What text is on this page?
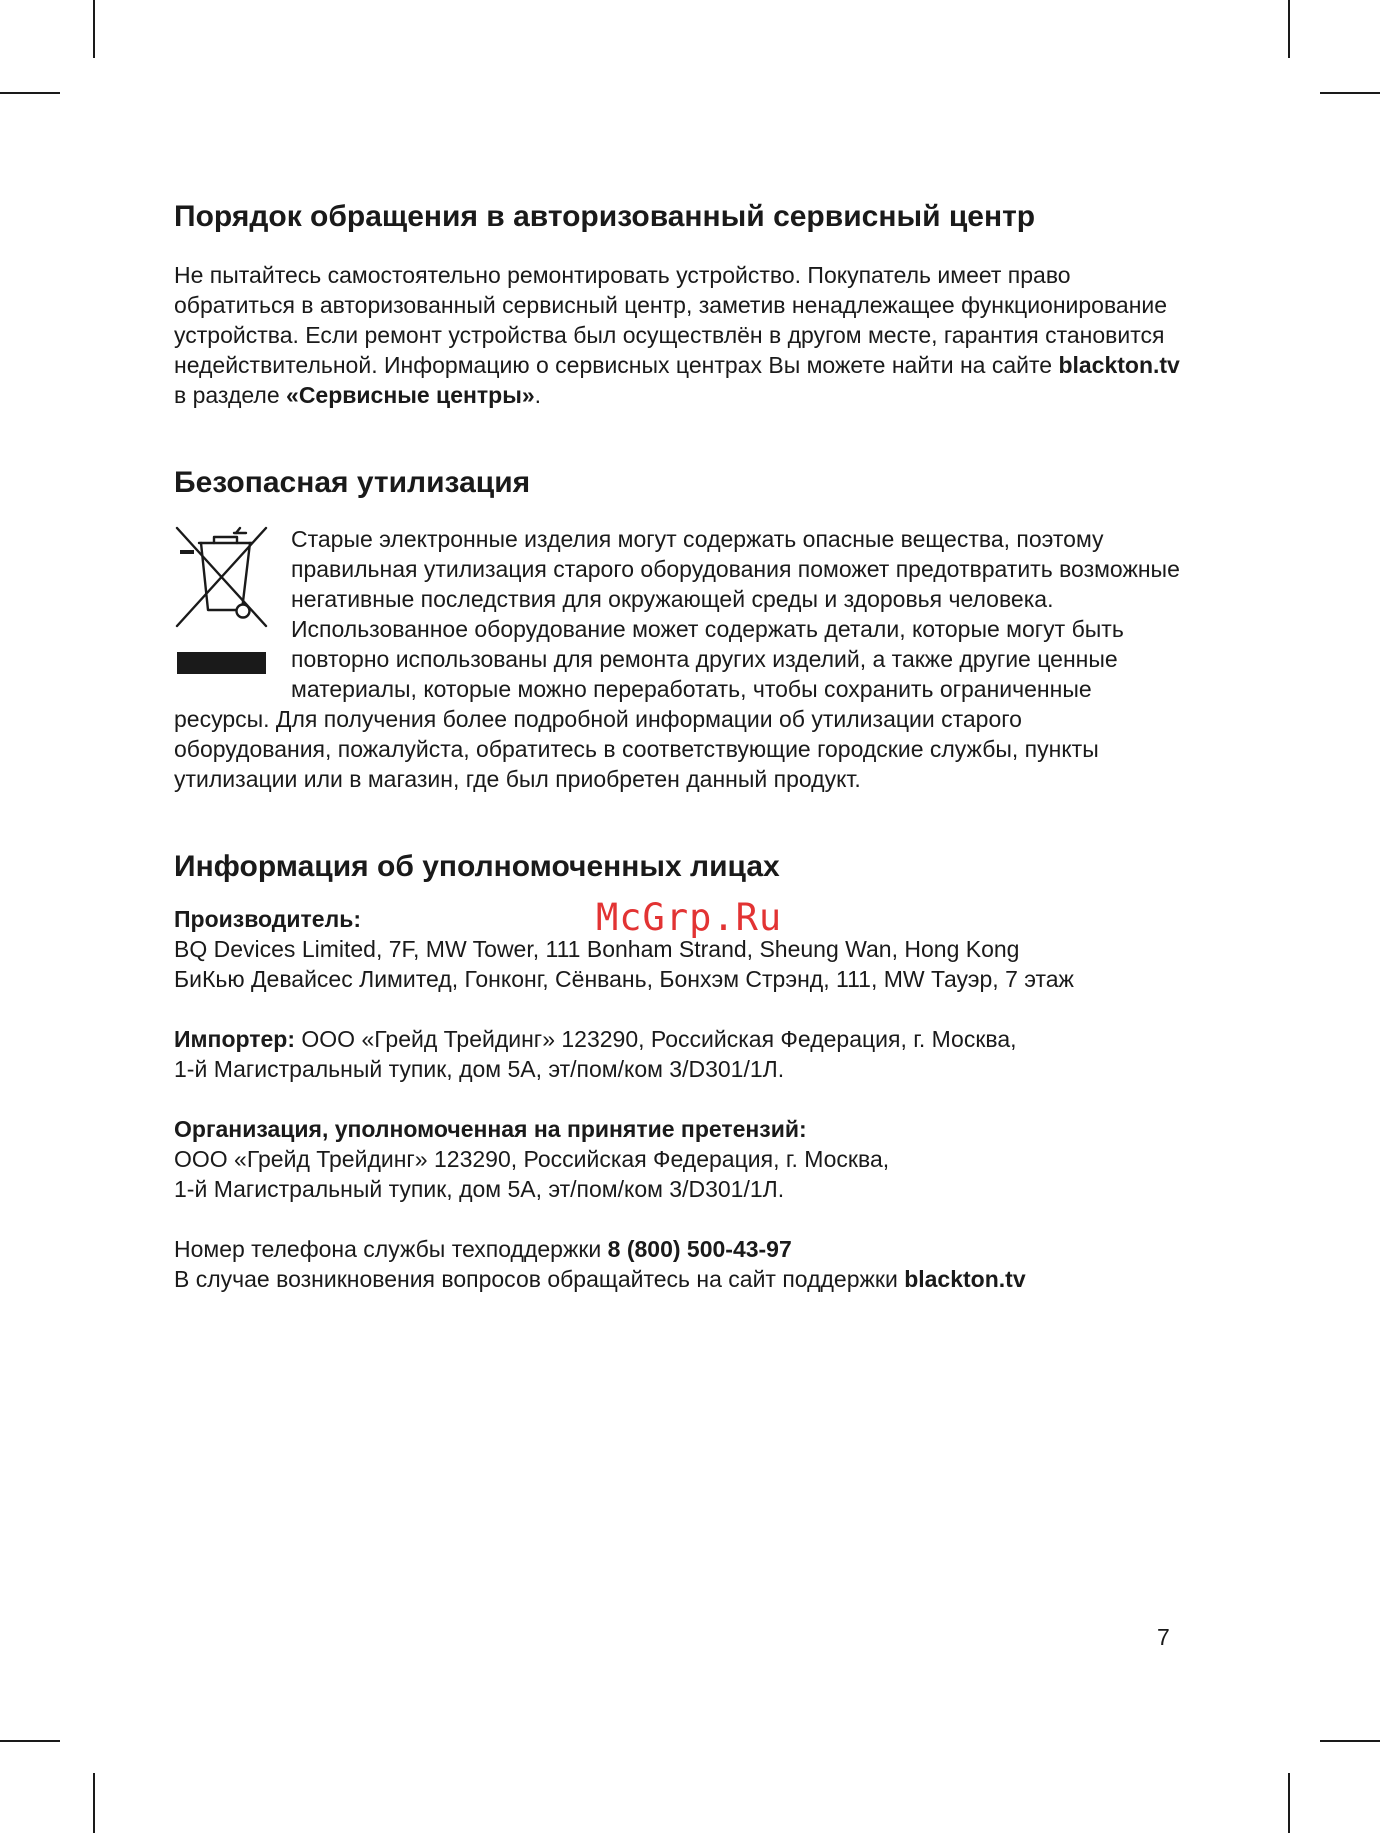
Порядок обращения в авторизованный сервисный центр

Не пытайтесь самостоятельно ремонтировать устройство. Покупатель имеет право обратиться в авторизованный сервисный центр, заметив ненадлежащее функционирование устройства. Если ремонт устройства был осуществлён в другом месте, гарантия становится недействительной. Информацию о сервисных центрах Вы можете найти на сайте blackton.tv в разделе «Сервисные центры».

Безопасная утилизация

Старые электронные изделия могут содержать опасные вещества, поэтому правильная утилизация старого оборудования поможет предотвратить возможные негативные последствия для окружающей среды и здоровья человека. Использованное оборудование может содержать детали, которые могут быть повторно использованы для ремонта других изделий, а также другие ценные материалы, которые можно переработать, чтобы сохранить ограниченные ресурсы. Для получения более подробной информации об утилизации старого оборудования, пожалуйста, обратитесь в соответствующие городские службы, пункты утилизации или в магазин, где был приобретен данный продукт.

Информация об уполномоченных лицах

Производитель:

BQ Devices Limited, 7F, MW Tower, 111 Bonham Strand, Sheung Wan, Hong Kong

БиКью Девайсес Лимитед, Гонконг, Сёнвань, Бонхэм Стрэнд, 111, MW Тауэр, 7 этаж

Импортер: ООО «Грейд Трейдинг» 123290, Российская Федерация, г. Москва,

1-й Магистральный тупик, дом 5А, эт/пом/ком 3/D301/1Л.

Организация, уполномоченная на принятие претензий:

ООО «Грейд Трейдинг» 123290, Российская Федерация, г. Москва,

1-й Магистральный тупик, дом 5А, эт/пом/ком 3/D301/1Л.

Номер телефона службы техподдержки 8 (800) 500-43-97

В случае возникновения вопросов обращайтесь на сайт поддержки blackton.tv

McGrp.Ru
7
